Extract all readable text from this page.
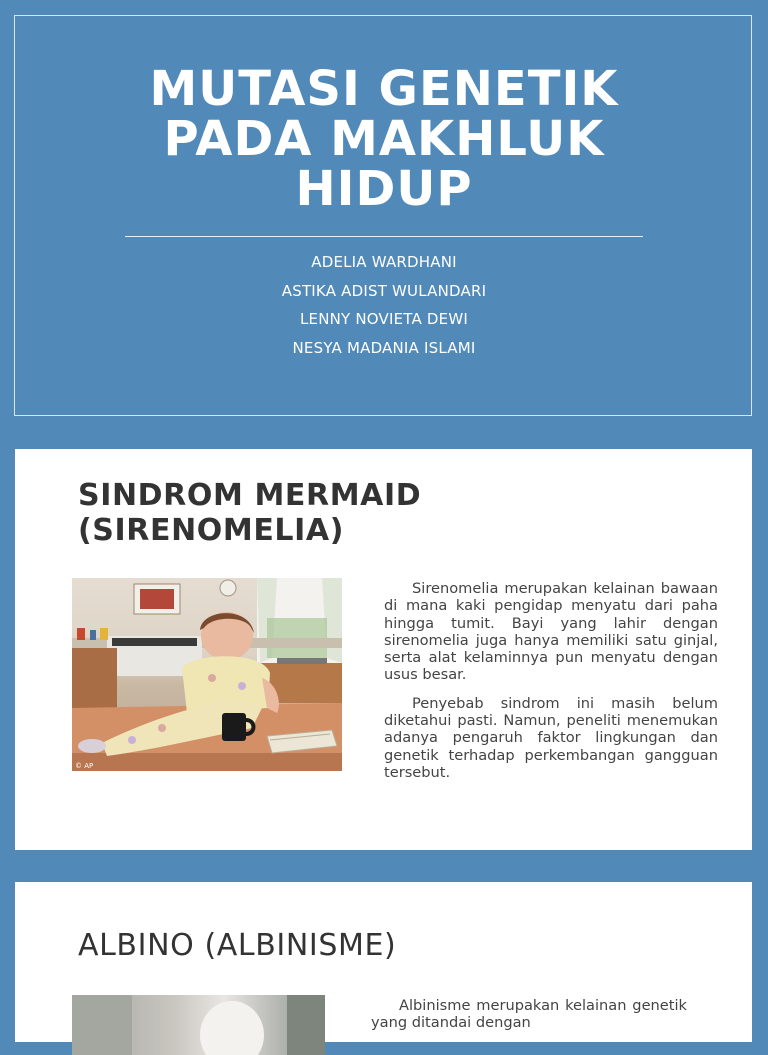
MUTASI GENETIK
PADA MAKHLUK
HIDUP
ADELIA WARDHANI
ASTIKA ADIST WULANDARI
LENNY NOVIETA DEWI
NESYA MADANIA ISLAMI
SINDROM MERMAID
(SIRENOMELIA)
© AP

Sirenomelia merupakan kelainan bawaan di mana kaki pengidap menyatu dari paha hingga tumit. Bayi yang lahir dengan sirenomelia juga hanya memiliki satu ginjal, serta alat kelaminnya pun menyatu dengan usus besar.

Penyebab sindrom ini masih belum diketahui pasti. Namun, peneliti menemukan adanya pengaruh faktor lingkungan dan genetik terhadap perkembangan gangguan tersebut.

ALBINO (ALBINISME)

Albinisme merupakan kelainan genetik yang ditandai dengan
